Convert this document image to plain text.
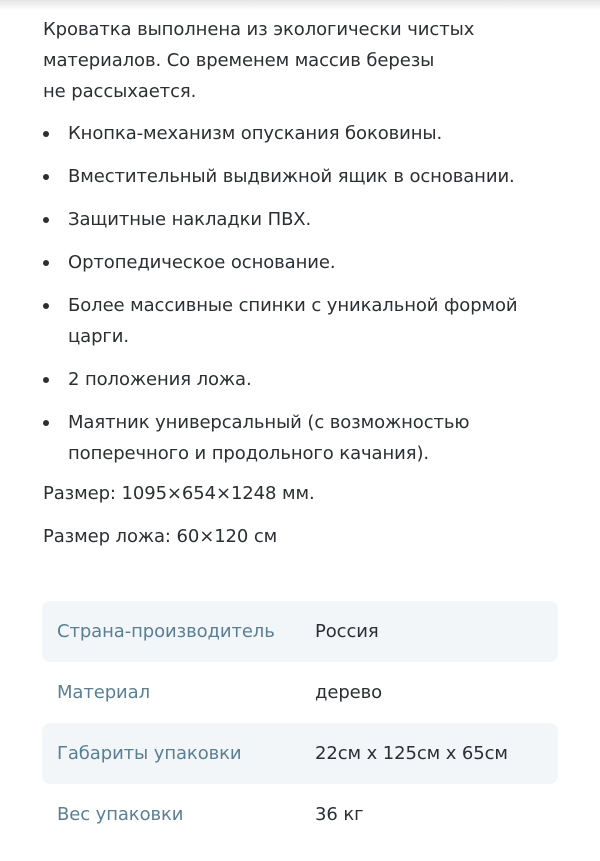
Кроватка выполнена из экологически чистых
материалов. Со временем массив березы
не рассыхается.

Кнопка-механизм опускания боковины.
Вместительный выдвижной ящик в основании.
Защитные накладки ПВХ.
Ортопедическое основание.
Более массивные спинки с уникальной формой
царги.
2 положения ложа.
Маятник универсальный (с возможностью
поперечного и продольного качания).

Размер: 1095×654×1248 мм.

Размер ложа: 60×120 см

Страна-производитель	Россия
Материал	дерево
Габариты упаковки	22см х 125см х 65см
Вес упаковки	36 кг
